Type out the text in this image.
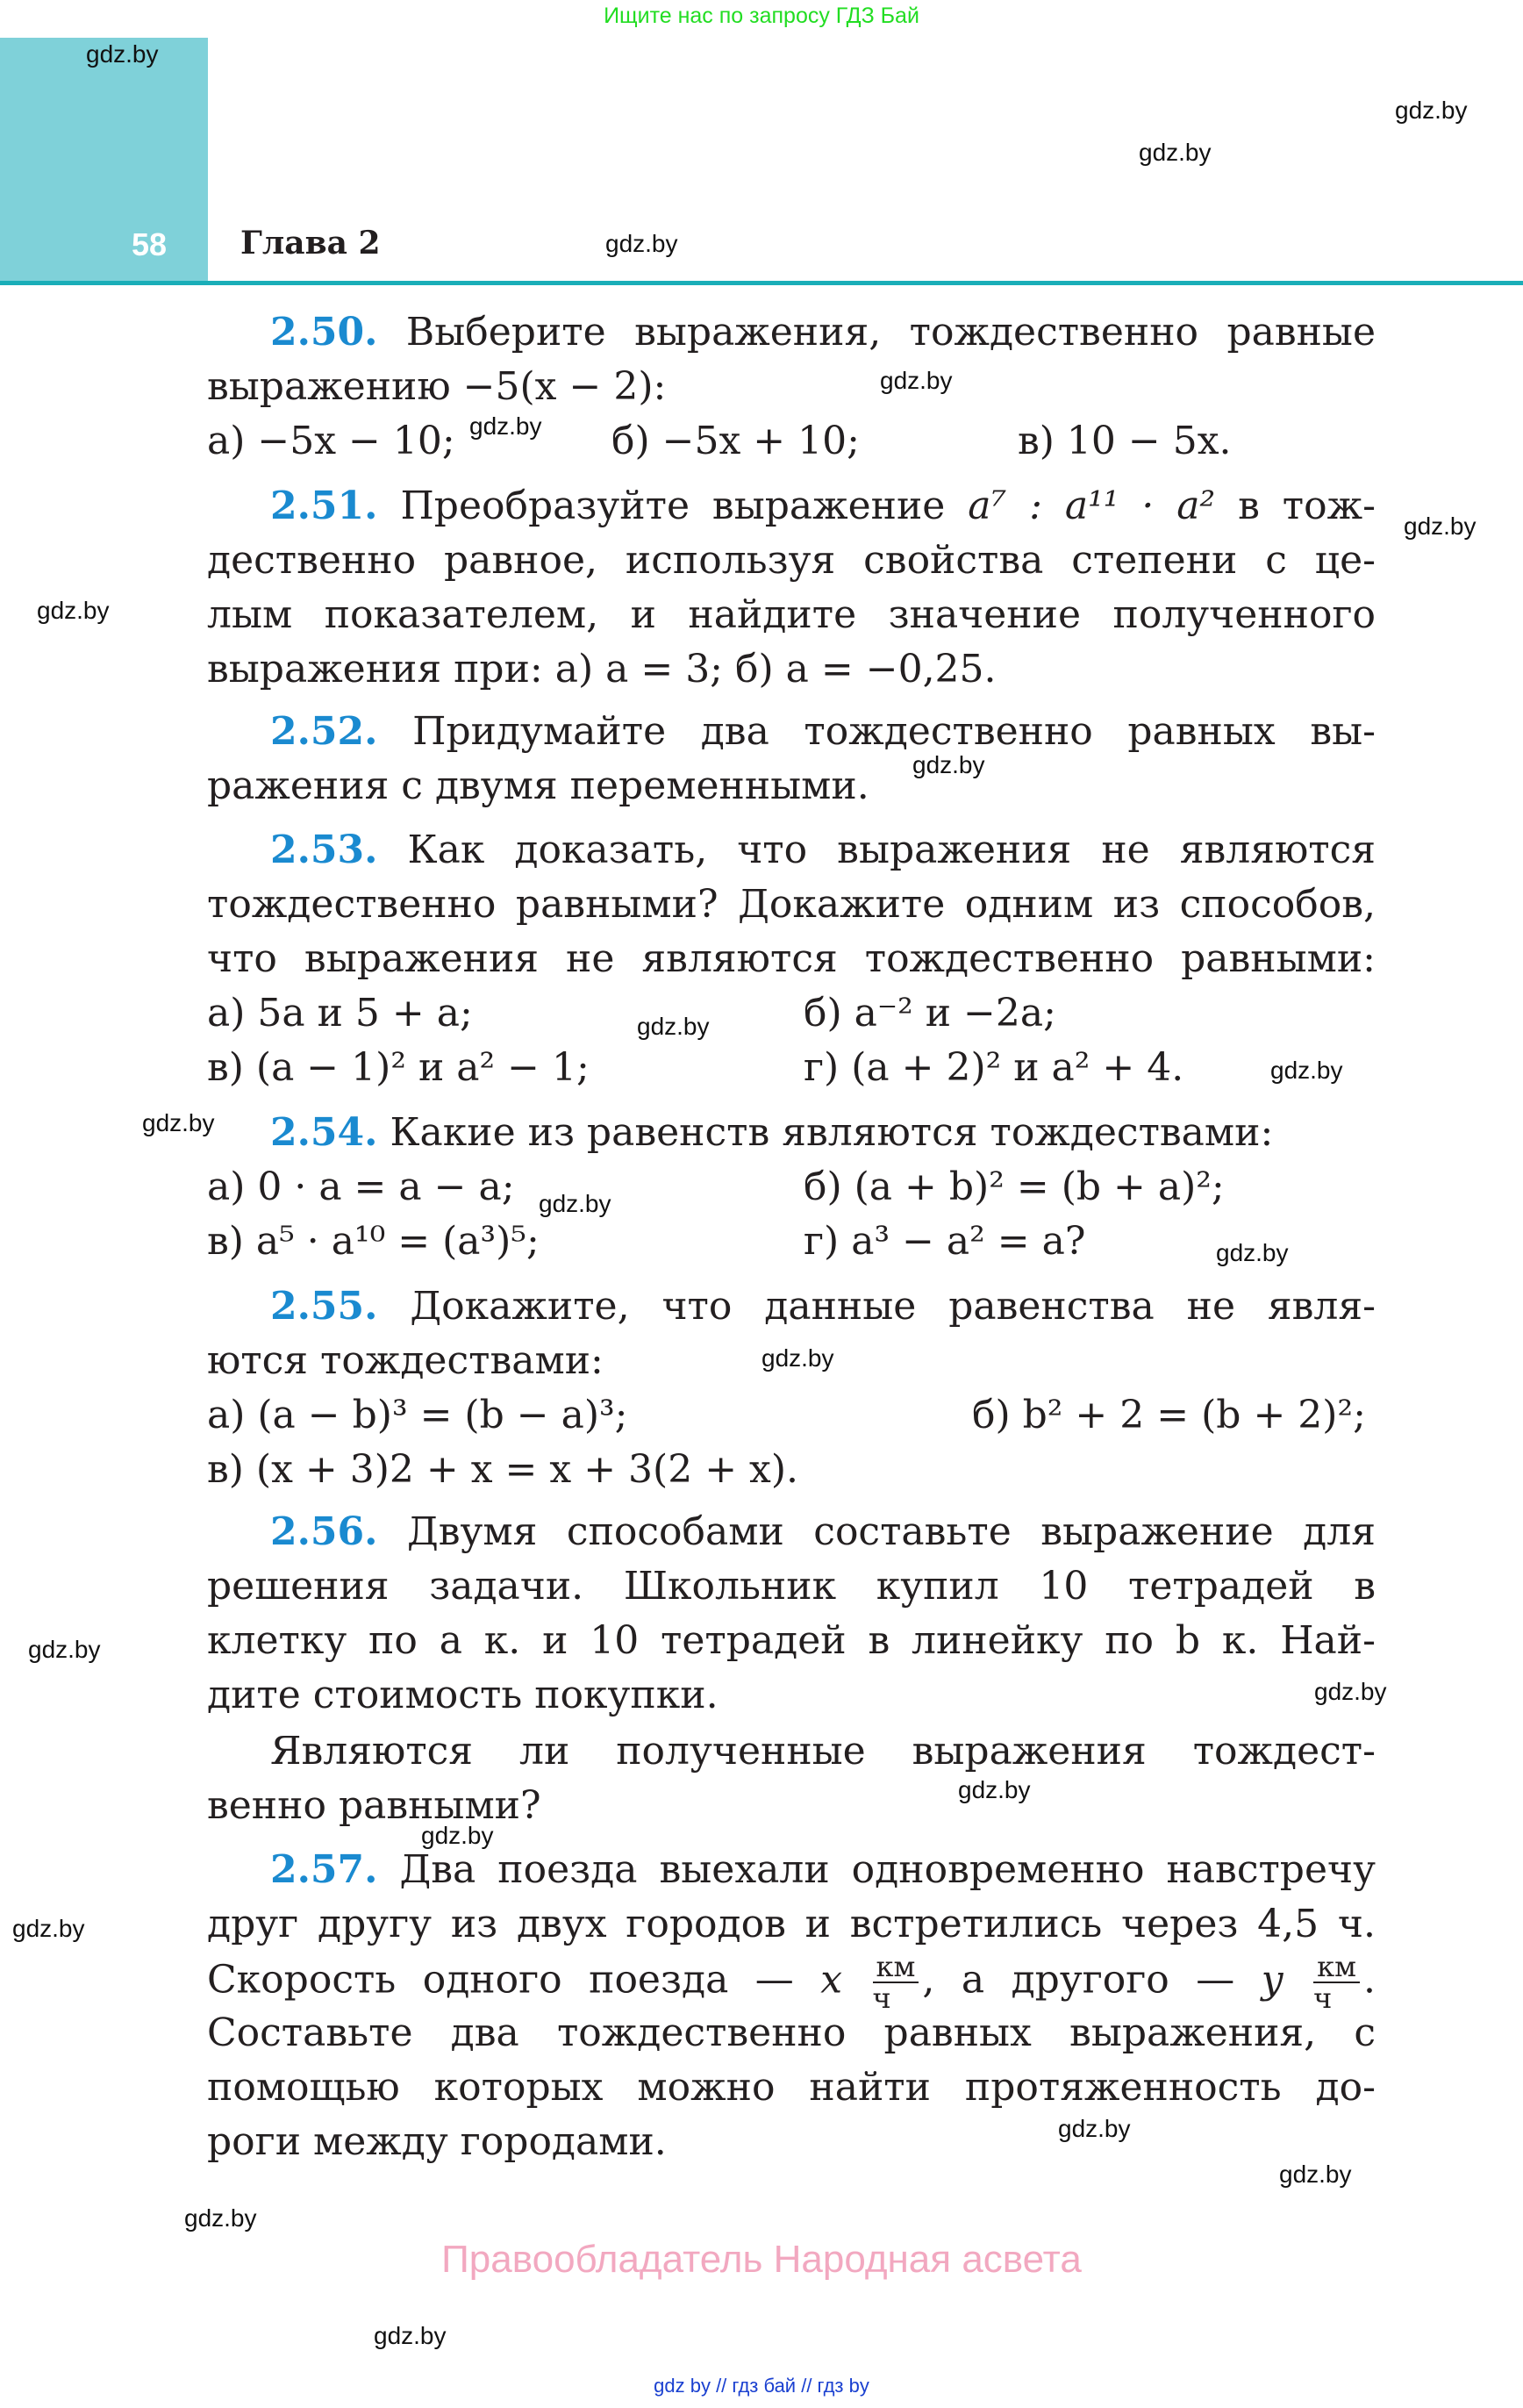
Ищите нас по запросу ГДЗ Бай
58 Глава 2
gdz.by
gdz.by
gdz.by
gdz.by
gdz.by
gdz.by
gdz.by
gdz.by
gdz.by
gdz.by
gdz.by
gdz.by
gdz.by
gdz.by
gdz.by
gdz.by
gdz.by
gdz.by
gdz.by
gdz.by
gdz.by
gdz.by
gdz.by
gdz.by
2.50. Выберите выражения, тождественно равные
выражению −5(x − 2):
а) −5x − 10;	б) −5x + 10;	в) 10 − 5x.
2.51. Преобразуйте выражение a⁷ : a¹¹ · a² в тож-
дественно равное, используя свойства степени с це-
лым показателем, и найдите значение полученного
выражения при: а) a = 3; б) a = −0,25.
2.52. Придумайте два тождественно равных вы-
ражения с двумя переменными.
2.53. Как доказать, что выражения не являются
тождественно равными? Докажите одним из способов,
что выражения не являются тождественно равными:
а) 5a и 5 + a;	б) a⁻² и −2a;
в) (a − 1)² и a² − 1;	г) (a + 2)² и a² + 4.
2.54. Какие из равенств являются тождествами:
а) 0 · a = a − a;	б) (a + b)² = (b + a)²;
в) a⁵ · a¹⁰ = (a³)⁵;	г) a³ − a² = a?
2.55. Докажите, что данные равенства не явля-
ются тождествами:
а) (a − b)³ = (b − a)³;	б) b² + 2 = (b + 2)²;
в) (x + 3)2 + x = x + 3(2 + x).
2.56. Двумя способами составьте выражение для
решения задачи. Школьник купил 10 тетрадей в
клетку по a к. и 10 тетрадей в линейку по b к. Най-
дите стоимость покупки.
Являются ли полученные выражения тождест-
венно равными?
2.57. Два поезда выехали одновременно навстречу
друг другу из двух городов и встретились через 4,5 ч.
Скорость одного поезда — x $\frac{км}{ч}$ , а другого — y $\frac{км}{ч}$ .
Составьте два тождественно равных выражения, с
помощью которых можно найти протяженность до-
роги между городами.
Правообладатель Народная асвета
gdz by // гдз бай // гдз by
